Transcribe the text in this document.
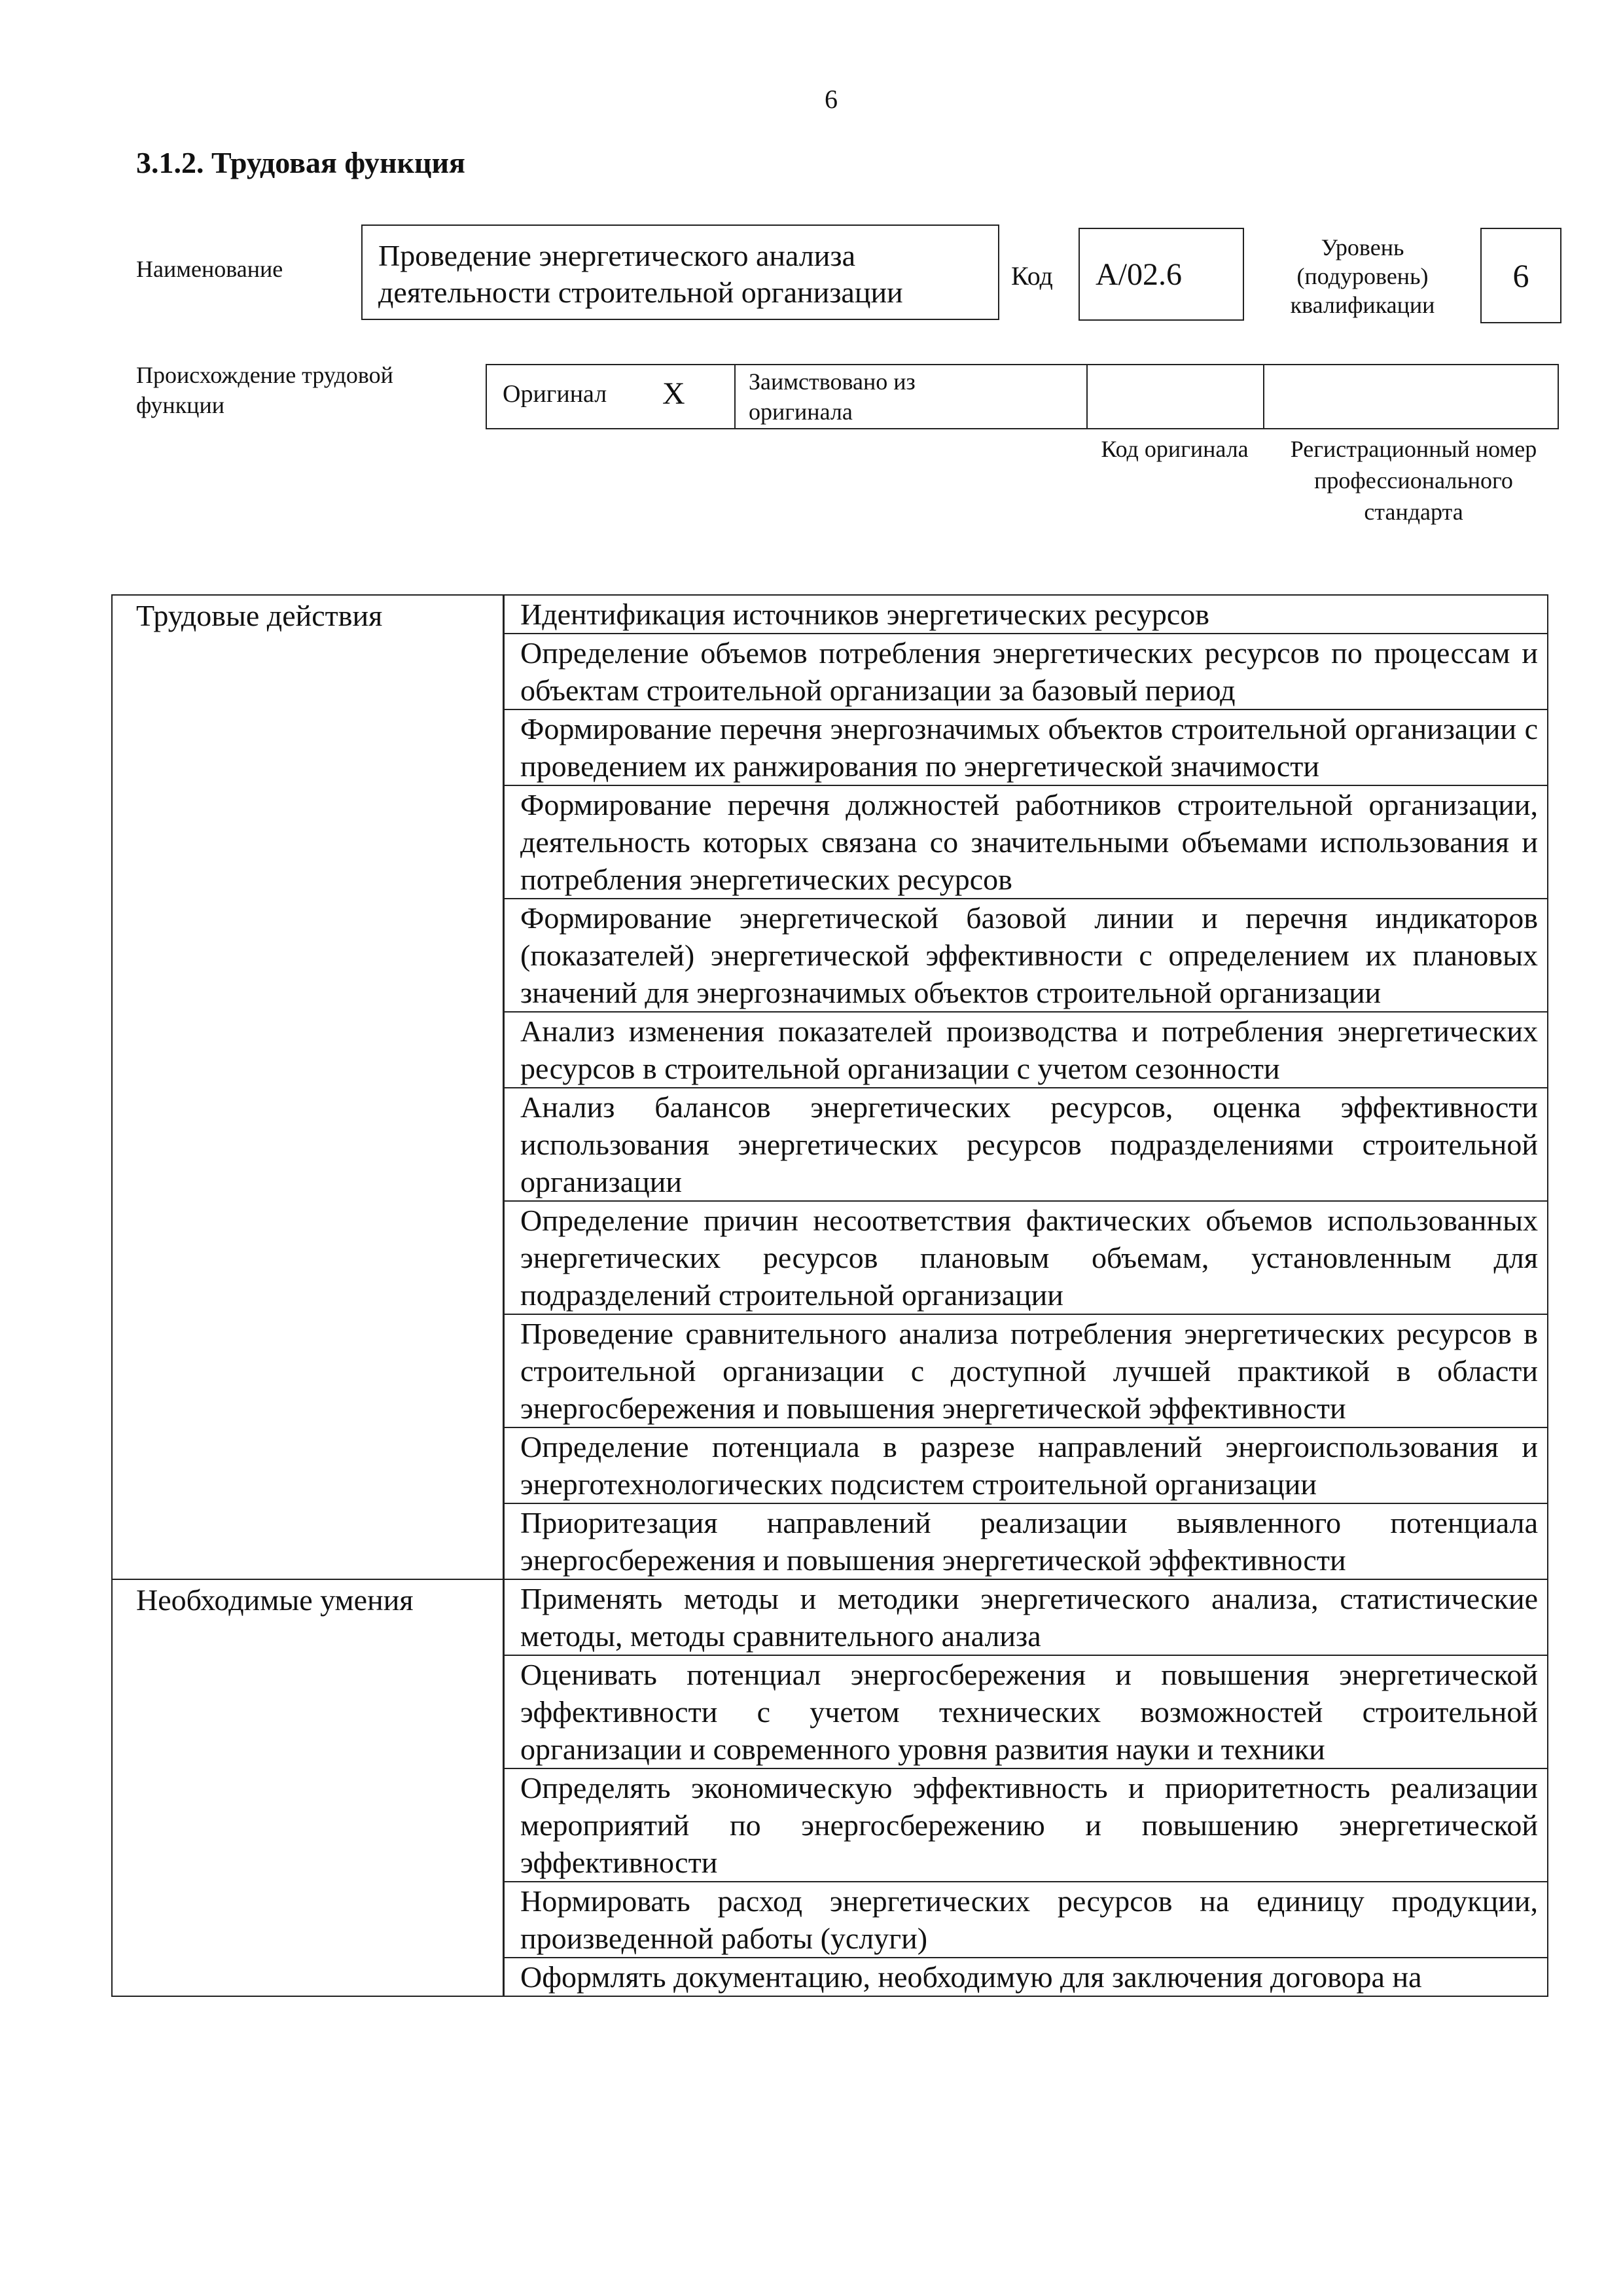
6
3.1.2. Трудовая функция
Наименование	Проведение энергетического анализа деятельности строительной организации	Код	А/02.6
Уровень
(подуровень)
квалификации
6
Происхождение трудовой функции	Оригинал X	Заимствовано из оригинала
Код оригинала	Регистрационный номер профессионального стандарта
Трудовые действия	Идентификация источников энергетических ресурсов
	Определение объемов потребления энергетических ресурсов по процессам и объектам строительной организации за базовый период
	Формирование перечня энергозначимых объектов строительной организации с проведением их ранжирования по энергетической значимости
	Формирование перечня должностей работников строительной организации, деятельность которых связана со значительными объемами использования и потребления энергетических ресурсов
	Формирование энергетической базовой линии и перечня индикаторов (показателей) энергетической эффективности с определением их плановых значений для энергозначимых объектов строительной организации
	Анализ изменения показателей производства и потребления энергетических ресурсов в строительной организации с учетом сезонности
	Анализ балансов энергетических ресурсов, оценка эффективности использования энергетических ресурсов подразделениями строительной организации
	Определение причин несоответствия фактических объемов использованных энергетических ресурсов плановым объемам, установленным для подразделений строительной организации
	Проведение сравнительного анализа потребления энергетических ресурсов в строительной организации с доступной лучшей практикой в области энергосбережения и повышения энергетической эффективности
	Определение потенциала в разрезе направлений энергоиспользования и энерготехнологических подсистем строительной организации
	Приоритезация направлений реализации выявленного потенциала энергосбережения и повышения энергетической эффективности
Необходимые умения	Применять методы и методики энергетического анализа, статистические методы, методы сравнительного анализа
	Оценивать потенциал энергосбережения и повышения энергетической эффективности с учетом технических возможностей строительной организации и современного уровня развития науки и техники
	Определять экономическую эффективность и приоритетность реализации мероприятий по энергосбережению и повышению энергетической эффективности
	Нормировать расход энергетических ресурсов на единицу продукции, произведенной работы (услуги)
	Оформлять документацию, необходимую для заключения договора на
